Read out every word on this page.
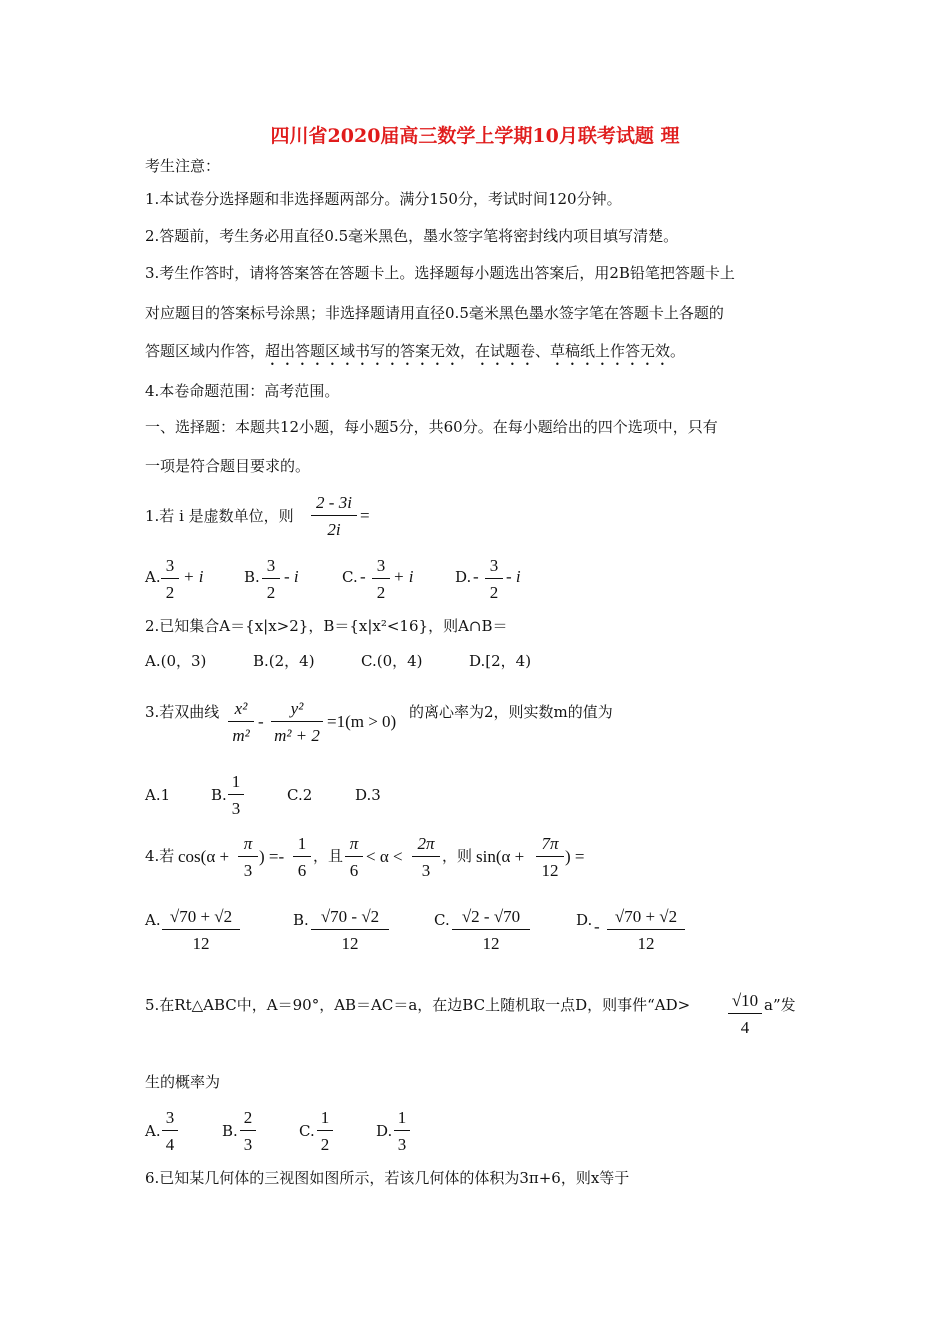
四川省2020届高三数学上学期10月联考试题 理
考生注意：
1.本试卷分选择题和非选择题两部分。满分150分，考试时间120分钟。
2.答题前，考生务必用直径0.5毫米黑色，墨水签字笔将密封线内项目填写清楚。
3.考生作答时，请将答案答在答题卡上。选择题每小题选出答案后，用2B铅笔把答题卡上
对应题目的答案标号涂黑；非选择题请用直径0.5毫米黑色墨水签字笔在答题卡上各题的
答题区域内作答，超出答题区域书写的答案无效，在试题卷、草稿纸上作答无效。
4.本卷命题范围：高考范围。
一、选择题：本题共12小题，每小题5分，共60分。在每小题给出的四个选项中，只有
一项是符合题目要求的。
1.若 i 是虚数单位，则 $\frac{2 - 3i}{2i}$ =
A. $\frac{3}{2} + i$	B. $\frac{3}{2}$ - i	C. - $\frac{3}{2} + i$	D. - $\frac{3}{2}$ - i
2.已知集合A＝{x|x>2}，B＝{x|x²<16}，则A∩B＝
A.(0，3)	B.(2，4)	C.(0，4)	D.[2，4)
3.若双曲线 $\frac{\text{x²}}{\text{m²}} - \frac{\text{y²}}{\text{m² + 2}} =1(m > 0)$ 的离心率为2，则实数m的值为
A.1	B. $\frac{1}{3}$	C.2	D.3
4.若 $\cos(\alpha + \frac{\pi}{3}$ ) =- $\frac{1}{6}$ ，且 $\frac{\pi}{6} < \alpha < \frac{2\pi}{3}$ ，则 $\sin(\alpha + \frac{7\pi}{12}$ ) =
A. $\frac{√70 + √2}{12}$	B. $\frac{√70 - √2}{12}$	C. $\frac{√2 - √70}{12}$	D. - $\frac{√70 + √2}{12}$
5.在Rt△ABC中，A＝90°，AB＝AC＝a，在边BC上随机取一点D，则事件“$AD> \frac{√10}{4} a$”发
生的概率为
A. $\frac{3}{4}$	B. $\frac{2}{3}$	C. $\frac{1}{2}$	D. $\frac{1}{3}$
6.已知某几何体的三视图如图所示，若该几何体的体积为3π+6，则x等于
